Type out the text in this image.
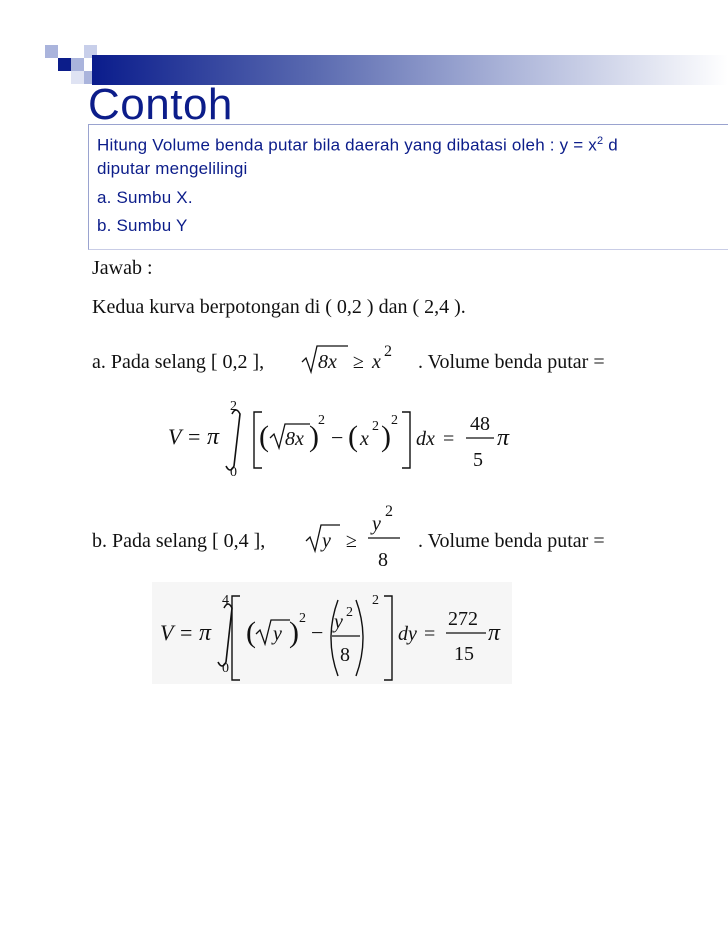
Contoh
Hitung Volume benda putar bila daerah yang dibatasi oleh : $y = x^2$ d
diputar mengelilingi
a. Sumbu X.
b. Sumbu Y
Jawab :
Kedua kurva berpotongan di ( 0,2 ) dan ( 2,4 ).
a. Pada selang [ 0,2 ],	8x ≥ x 2 . Volume benda putar =
V = π
2
0
( 8x ) 2
− ( x
2 ) 2
dx =
48
5
π
b. Pada selang [ 0,4 ],	y ≥
y
2
8
. Volume benda putar =
V = π
4
0
( y ) 2
− y 2
8
2
dy =
272
15
π
